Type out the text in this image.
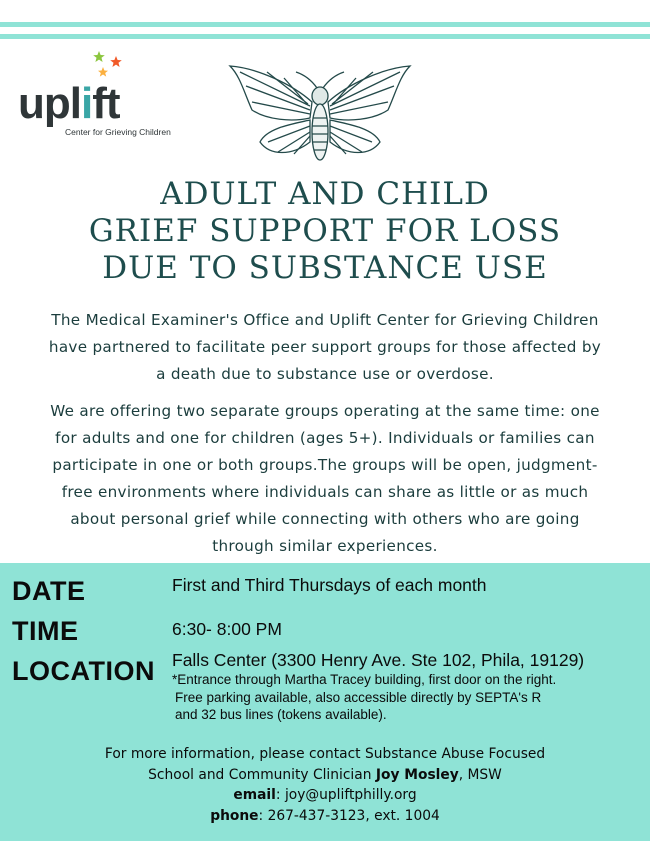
uplift
Center for Grieving Children
ADULT AND CHILD
GRIEF SUPPORT FOR LOSS
DUE TO SUBSTANCE USE
The Medical Examiner's Office and Uplift Center for Grieving Children
have partnered to facilitate peer support groups for those affected by
a death due to substance use or overdose.
We are offering two separate groups operating at the same time: one
for adults and one for children (ages 5+). Individuals or families can
participate in one or both groups.The groups will be open, judgment-
free environments where individuals can share as little or as much
about personal grief while connecting with others who are going
through similar experiences.
DATE	First and Third Thursdays of each month
TIME	6:30- 8:00 PM
LOCATION Falls Center (3300 Henry Ave. Ste 102, Phila, 19129)
*Entrance through Martha Tracey building, first door on the right.
Free parking available, also accessible directly by SEPTA's R
and 32 bus lines (tokens available).
For more information, please contact Substance Abuse Focused
School and Community Clinician Joy Mosley, MSW
email: joy@upliftphilly.org
phone: 267-437-3123, ext. 1004
